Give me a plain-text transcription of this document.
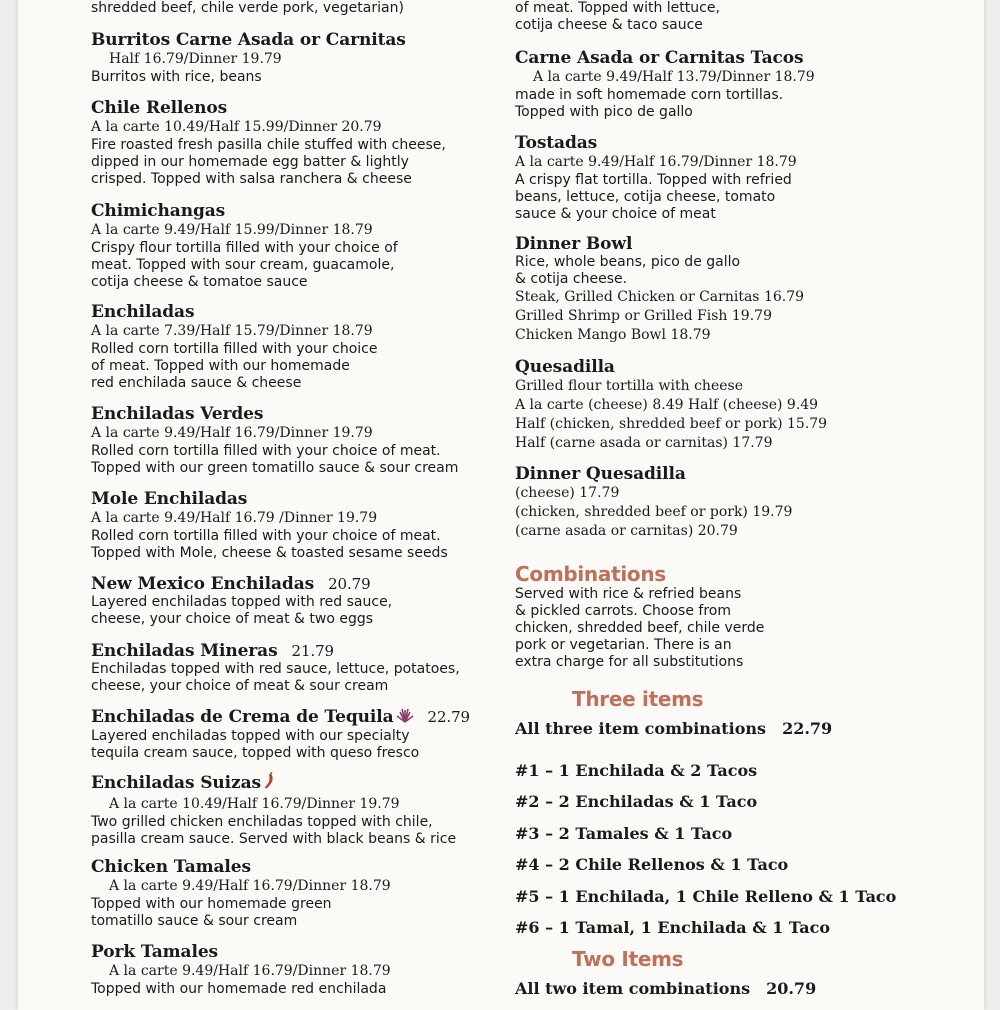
shredded beef, chile verde pork, vegetarian)
Burritos Carne Asada or Carnitas
Half 16.79/Dinner 19.79
Burritos with rice, beans
Chile Rellenos
A la carte 10.49/Half 15.99/Dinner 20.79
Fire roasted fresh pasilla chile stuffed with cheese,
dipped in our homemade egg batter & lightly
crisped. Topped with salsa ranchera & cheese
Chimichangas
A la carte 9.49/Half 15.99/Dinner 18.79
Crispy flour tortilla filled with your choice of
meat. Topped with sour cream, guacamole,
cotija cheese & tomatoe sauce
Enchiladas
A la carte 7.39/Half 15.79/Dinner 18.79
Rolled corn tortilla filled with your choice
of meat. Topped with our homemade
red enchilada sauce & cheese
Enchiladas Verdes
A la carte 9.49/Half 16.79/Dinner 19.79
Rolled corn tortilla filled with your choice of meat.
Topped with our green tomatillo sauce & sour cream
Mole Enchiladas
A la carte 9.49/Half 16.79 /Dinner 19.79
Rolled corn tortilla filled with your choice of meat.
Topped with Mole, cheese & toasted sesame seeds
New Mexico Enchiladas 20.79
Layered enchiladas topped with red sauce,
cheese, your choice of meat & two eggs
Enchiladas Mineras 21.79
Enchiladas topped with red sauce, lettuce, potatoes,
cheese, your choice of meat & sour cream
Enchiladas de Crema de Tequila 22.79
Layered enchiladas topped with our specialty
tequila cream sauce, topped with queso fresco
Enchiladas Suizas
A la carte 10.49/Half 16.79/Dinner 19.79
Two grilled chicken enchiladas topped with chile,
pasilla cream sauce. Served with black beans & rice
Chicken Tamales
A la carte 9.49/Half 16.79/Dinner 18.79
Topped with our homemade green
tomatillo sauce & sour cream
Pork Tamales
A la carte 9.49/Half 16.79/Dinner 18.79
Topped with our homemade red enchilada
Combinations
Served with rice & refried beans
& pickled carrots. Choose from
chicken, shredded beef, chile verde
pork or vegetarian. There is an
extra charge for all substitutions
Three items
All three item combinations 22.79
#1 – 1 Enchilada & 2 Tacos
#2 – 2 Enchiladas & 1 Taco
#3 – 2 Tamales & 1 Taco
#4 – 2 Chile Rellenos & 1 Taco
#5 – 1 Enchilada, 1 Chile Relleno & 1 Taco
#6 – 1 Tamal, 1 Enchilada & 1 Taco
Two Items
All two item combinations 20.79
of meat. Topped with lettuce,
cotija cheese & taco sauce
Carne Asada or Carnitas Tacos
A la carte 9.49/Half 13.79/Dinner 18.79
made in soft homemade corn tortillas.
Topped with pico de gallo
Tostadas
A la carte 9.49/Half 16.79/Dinner 18.79
A crispy flat tortilla. Topped with refried
beans, lettuce, cotija cheese, tomato
sauce & your choice of meat
Dinner Bowl
Rice, whole beans, pico de gallo
& cotija cheese.
Steak, Grilled Chicken or Carnitas 16.79
Grilled Shrimp or Grilled Fish 19.79
Chicken Mango Bowl 18.79
Quesadilla
Grilled flour tortilla with cheese
A la carte (cheese) 8.49 Half (cheese) 9.49
Half (chicken, shredded beef or pork) 15.79
Half (carne asada or carnitas) 17.79
Dinner Quesadilla
(cheese) 17.79
(chicken, shredded beef or pork) 19.79
(carne asada or carnitas) 20.79
